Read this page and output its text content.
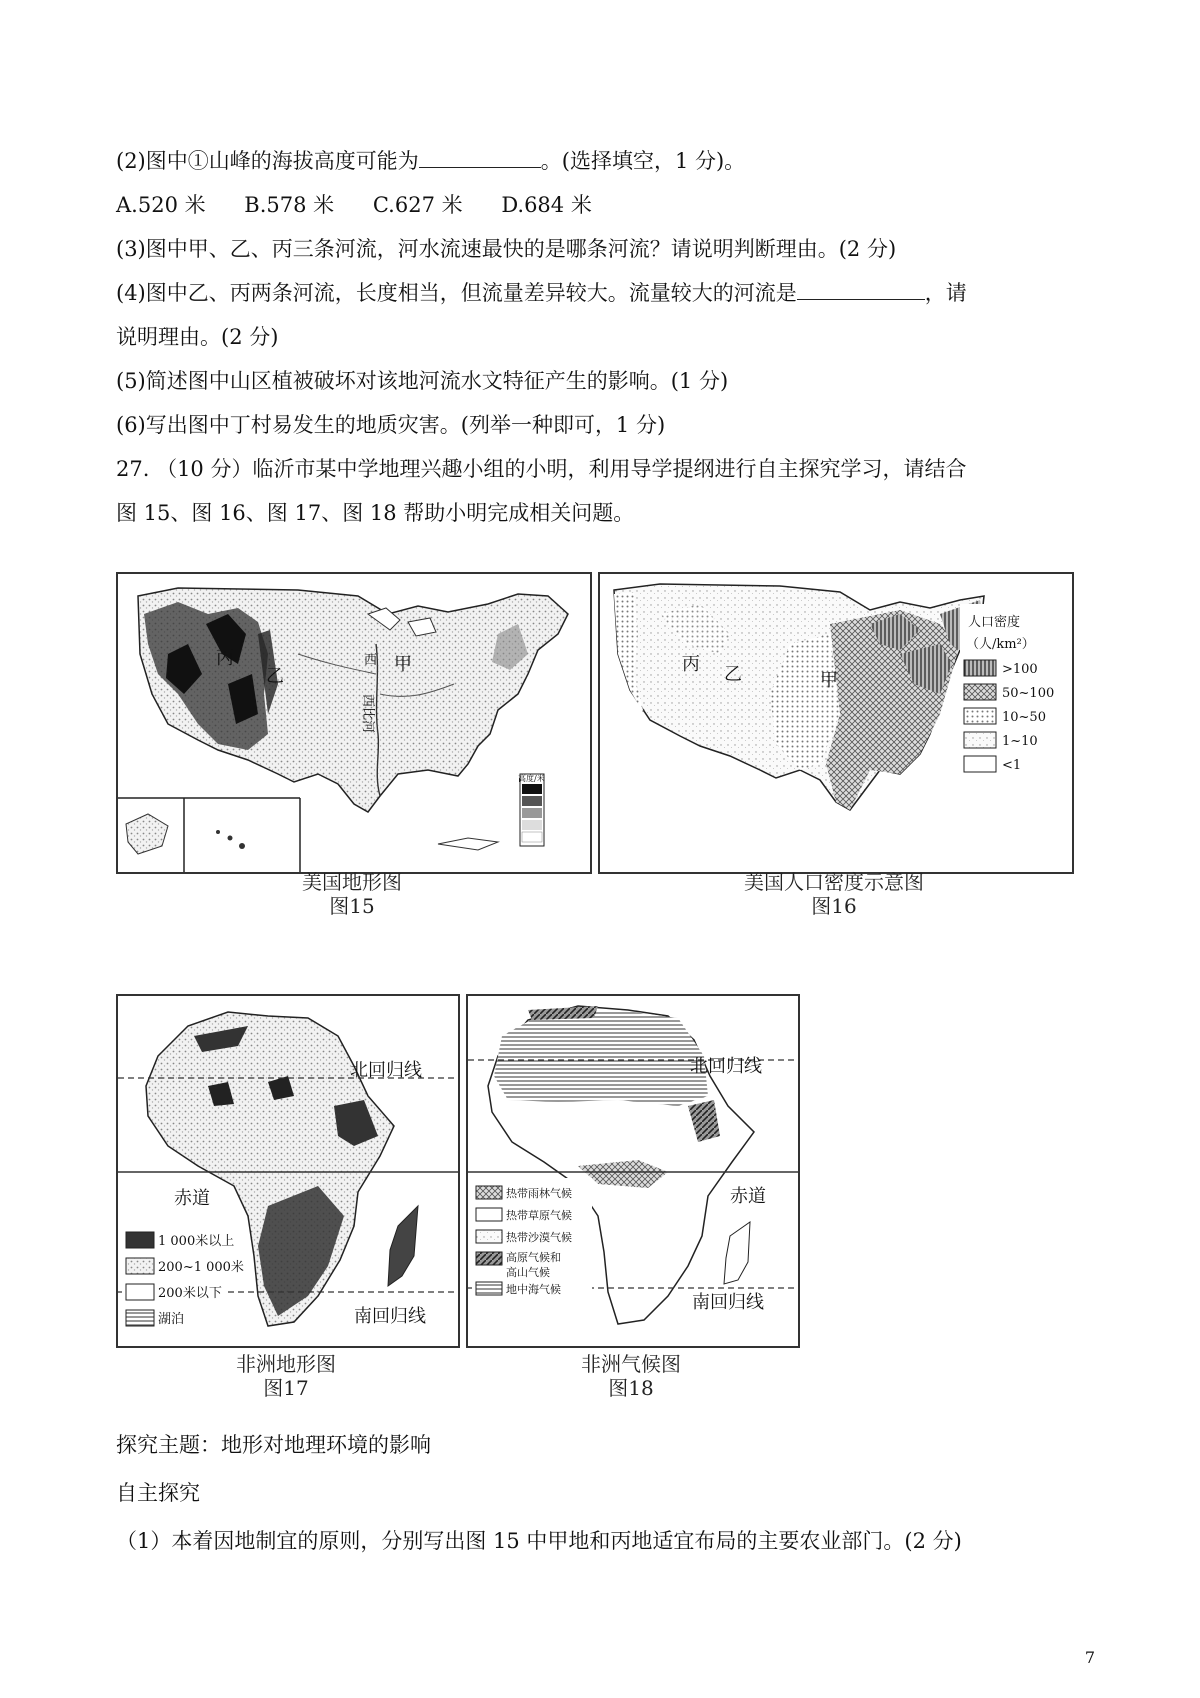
(2)图中①山峰的海拔高度可能为	。(选择填空，1 分)。
A.520 米 B.578 米 C.627 米 D.684 米
(3)图中甲、乙、丙三条河流，河水流速最快的是哪条河流？请说明判断理由。(2 分)
(4)图中乙、丙两条河流，长度相当，但流量差异较大。流量较大的河流是	，请
说明理由。(2 分)
(5)简述图中山区植被破坏对该地河流水文特征产生的影响。(1 分)
(6)写出图中丁村易发生的地质灾害。(列举一种即可，1 分)
27. （10 分）临沂市某中学地理兴趣小组的小明，利用导学提纲进行自主探究学习，请结合
图 15、图 16、图 17、图 18 帮助小明完成相关问题。
高度/米
丙
乙
甲
西
西比河
美国地形图
图15
人口密度
（人/km²）
>100
50~100
10~50
1~10
<1
丙 乙	甲
美国人口密度示意图
图16
北回归线
赤道
南回归线
1 000米以上
200~1 000米
200米以下
湖泊
非洲地形图
图17
北回归线
赤道
南回归线
热带雨林气候
热带草原气候
热带沙漠气候
高原气候和
高山气候
地中海气候
非洲气候图
图18
探究主题：地形对地理环境的影响
自主探究
（1）本着因地制宜的原则，分别写出图 15 中甲地和丙地适宜布局的主要农业部门。(2 分)
7
